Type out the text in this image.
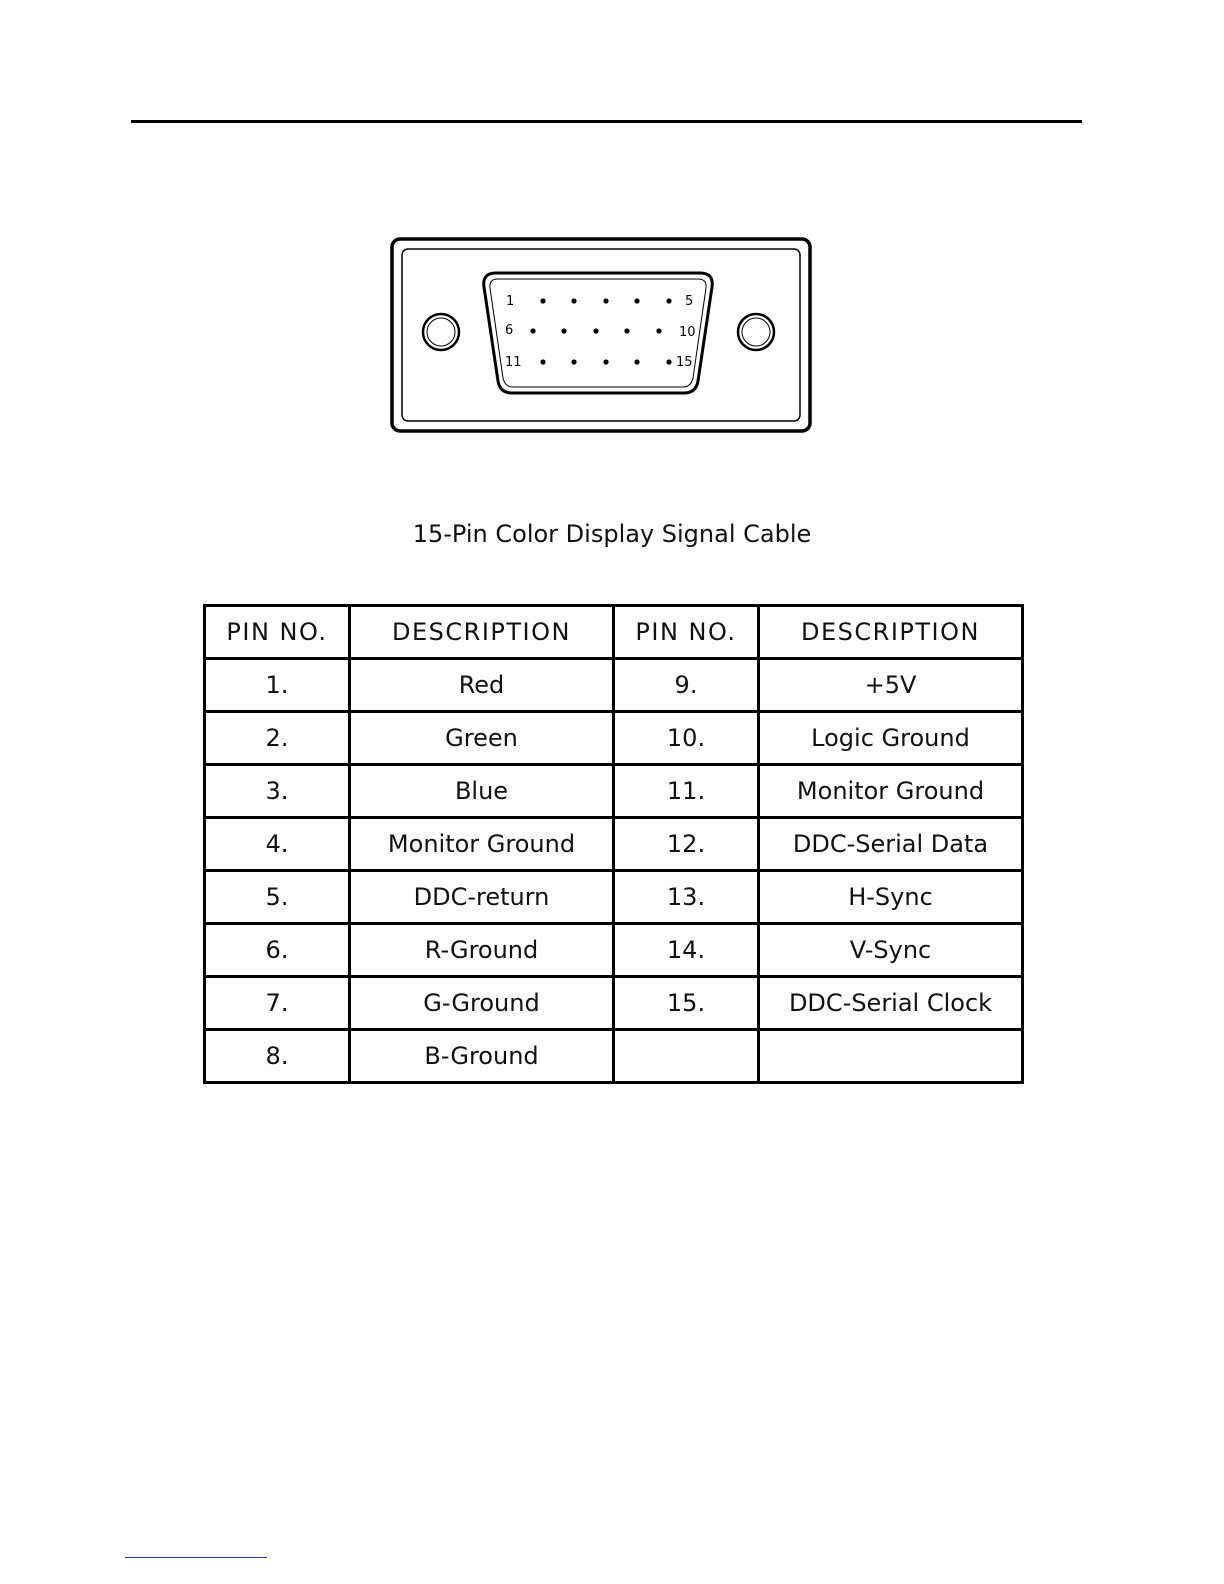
1	5
6	10
11	15
15-Pin Color Display Signal Cable
PIN NO.	DESCRIPTION	PIN NO.	DESCRIPTION
1.	Red	9.	+5V
2.	Green	10.	Logic Ground
3.	Blue	11.	Monitor Ground
4.	Monitor Ground	12.	DDC-Serial Data
5.	DDC-return	13.	H-Sync
6.	R-Ground	14.	V-Sync
7.	G-Ground	15.	DDC-Serial Clock
8.	B-Ground		
